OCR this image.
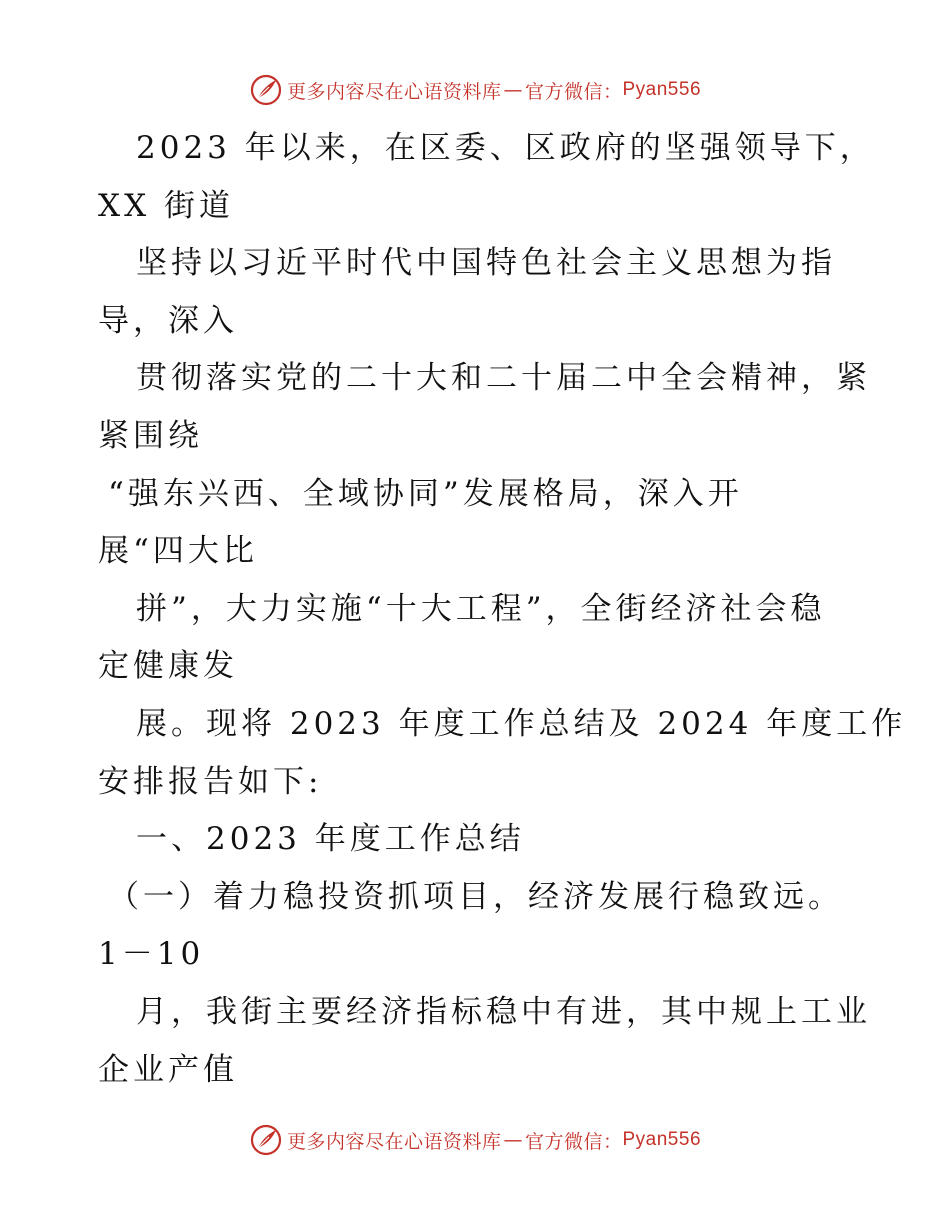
更多内容尽在心语资料库 — 官方微信： Pyan556
2023 年以来，在区委、区政府的坚强领导下，
XX 街道
坚持以习近平时代中国特色社会主义思想为指
导，深入
贯彻落实党的二十大和二十届二中全会精神，紧
紧围绕
“强东兴西、全域协同”发展格局，深入开
展“四大比
拼”，大力实施“十大工程”，全街经济社会稳
定健康发
展。现将 2023 年度工作总结及 2024 年度工作
安排报告如下:
一、2023 年度工作总结
（一）着力稳投资抓项目，经济发展行稳致远。
1－10
月，我街主要经济指标稳中有进，其中规上工业
企业产值
更多内容尽在心语资料库 — 官方微信： Pyan556
